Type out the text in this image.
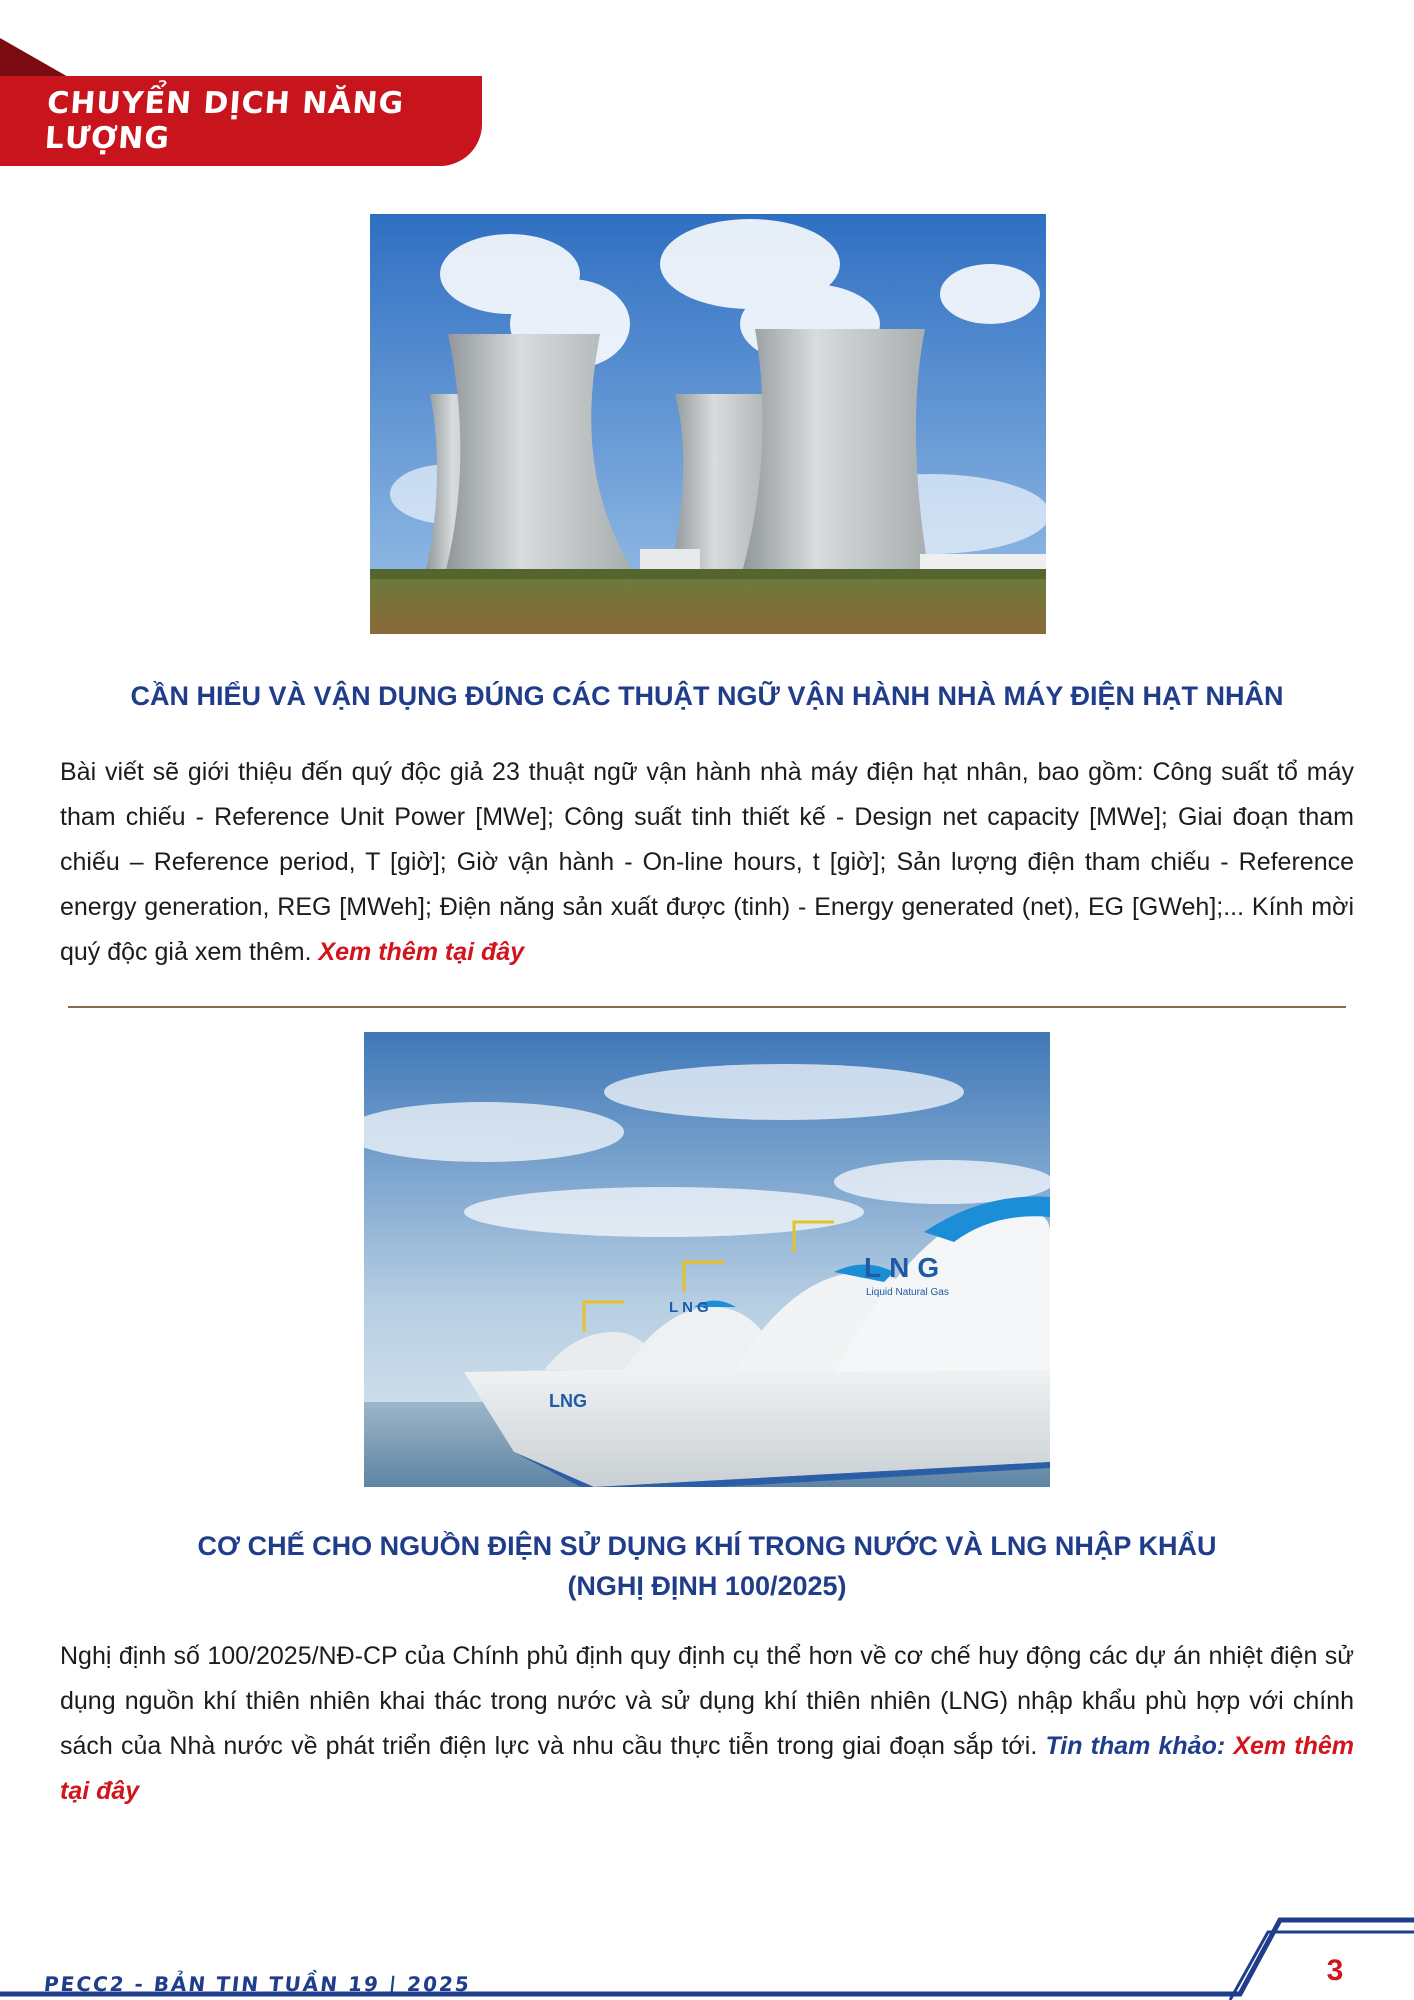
CHUYỂN DỊCH NĂNG LƯỢNG
CẦN HIỂU VÀ VẬN DỤNG ĐÚNG CÁC THUẬT NGỮ VẬN HÀNH NHÀ MÁY ĐIỆN HẠT NHÂN
Bài viết sẽ giới thiệu đến quý độc giả 23 thuật ngữ vận hành nhà máy điện hạt nhân, bao gồm: Công suất tổ máy tham chiếu - Reference Unit Power [MWe]; Công suất tinh thiết kế - Design net capacity [MWe]; Giai đoạn tham chiếu – Reference period, T [giờ]; Giờ vận hành - On-line hours, t [giờ]; Sản lượng điện tham chiếu - Reference energy generation, REG [MWeh]; Điện năng sản xuất được (tinh) - Energy generated (net), EG [GWeh];... Kính mời quý độc giả xem thêm. Xem thêm tại đây
LNG
Liquid Natural Gas
LNG
LNG
CƠ CHẾ CHO NGUỒN ĐIỆN SỬ DỤNG KHÍ TRONG NƯỚC VÀ LNG NHẬP KHẨU
(NGHỊ ĐỊNH 100/2025)
Nghị định số 100/2025/NĐ-CP của Chính phủ định quy định cụ thể hơn về cơ chế huy động các dự án nhiệt điện sử dụng nguồn khí thiên nhiên khai thác trong nước và sử dụng khí thiên nhiên (LNG) nhập khẩu phù hợp với chính sách của Nhà nước về phát triển điện lực và nhu cầu thực tiễn trong giai đoạn sắp tới. Tin tham khảo: Xem thêm tại đây
PECC2 - BẢN TIN TUẦN 19 | 2025	3
